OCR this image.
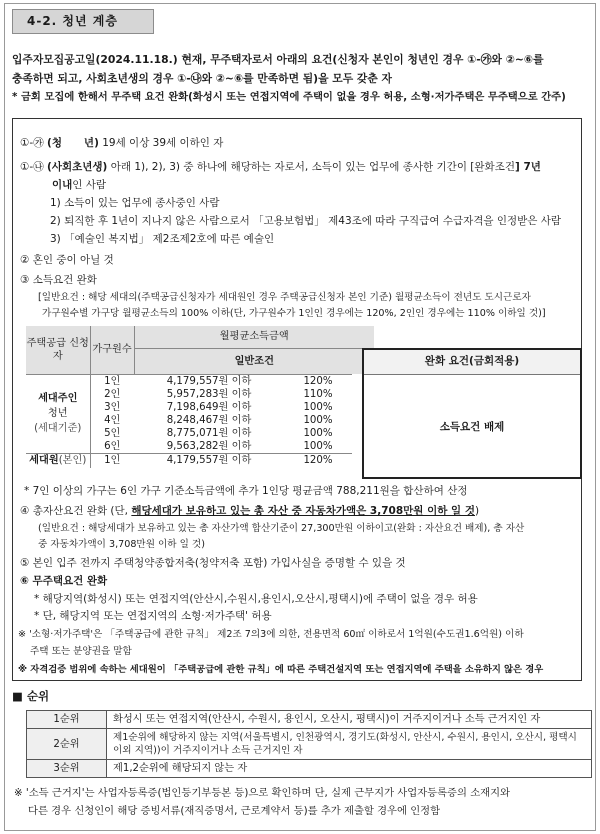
4-2. 청년 계층
입주자모집공고일(2024.11.18.) 현재, 무주택자로서 아래의 요건(신청자 본인이 청년인 경우 ①-㉮와 ②~⑥를
충족하면 되고, 사회초년생의 경우 ①-㉯와 ②~⑥를 만족하면 됨)을 모두 갖춘 자
* 금회 모집에 한해서 무주택 요건 완화(화성시 또는 연접지역에 주택이 없을 경우 허용, 소형·저가주택은 무주택으로 간주)
①-㉮ (청      년) 19세 이상 39세 이하인 자
①-㉯ (사회초년생) 아래 1), 2), 3) 중 하나에 해당하는 자로서, 소득이 있는 업무에 종사한 기간이 [완화조건] 7년
이내인 사람
1) 소득이 있는 업무에 종사중인 사람
2) 퇴직한 후 1년이 지나지 않은 사람으로서 「고용보험법」 제43조에 따라 구직급여 수급자격을 인정받은 사람
3) 「예술인 복지법」 제2조제2호에 따른 예술인
② 혼인 중이 아닐 것
③ 소득요건 완화
[일반요건 : 해당 세대의(주택공급신청자가 세대원인 경우 주택공급신청자 본인 기준) 월평균소득이 전년도 도시근로자
가구원수별 가구당 월평균소득의 100% 이하(단, 가구원수가 1인인 경우에는 120%, 2인인 경우에는 110% 이하일 것)]
주택공급 신청자	가구원수	월평균소득금액		
		일반조건		

세대주인
청년
(세대기준)	1인	4,179,557원 이하	120%	
	2인	5,957,283원 이하	110%	
	3인	7,198,649원 이하	100%	
	4인	8,248,467원 이하	100%	
	5인	8,775,071원 이하	100%	
	6인	9,563,282원 이하	100%	
세대원(본인)	1인	4,179,557원 이하	120%	
완화 요건(금회적용)
소득요건 배제
* 7인 이상의 가구는 6인 가구 기준소득금액에 추가 1인당 평균금액 788,211원을 합산하여 산정
④ 총자산요건 완화 (단, 해당세대가 보유하고 있는 총 자산 중 자동차가액은 3,708만원 이하 일 것)
(일반요건 : 해당세대가 보유하고 있는 총 자산가액 합산기준이 27,300만원 이하이고(완화 : 자산요건 배제), 총 자산
중 자동차가액이 3,708만원 이하 일 것)
⑤ 본인 입주 전까지 주택청약종합저축(청약저축 포함) 가입사실을 증명할 수 있을 것
⑥ 무주택요건 완화
* 해당지역(화성시) 또는 연접지역(안산시,수원시,용인시,오산시,평택시)에 주택이 없을 경우 허용
* 단, 해당지역 또는 연접지역의 소형·저가주택' 허용
※ '소형·저가주택'은 「주택공급에 관한 규칙」 제2조 7의3에 의한, 전용면적 60㎡ 이하로서 1억원(수도권1.6억원) 이하
주택 또는 분양권을 말함
※ 자격검증 범위에 속하는 세대원이 「주택공급에 관한 규칙」에 따른 주택건설지역 또는 연접지역에 주택을 소유하지 않은 경우
■ 순위
1순위	화성시 또는 연접지역(안산시, 수원시, 용인시, 오산시, 평택시)이 거주지이거나 소득 근거지인 자
2순위	제1순위에 해당하지 않는 지역(서울특별시, 인천광역시, 경기도(화성시, 안산시, 수원시, 용인시, 오산시, 평택시 이외 지역))이 거주지이거나 소득 근거지인 자
3순위	제1,2순위에 해당되지 않는 자
※ '소득 근거지'는 사업자등록증(법인등기부등본 등)으로 확인하며 단, 실제 근무지가 사업자등록증의 소재지와
다른 경우 신청인이 해당 증빙서류(재직증명서, 근로계약서 등)를 추가 제출할 경우에 인정함
